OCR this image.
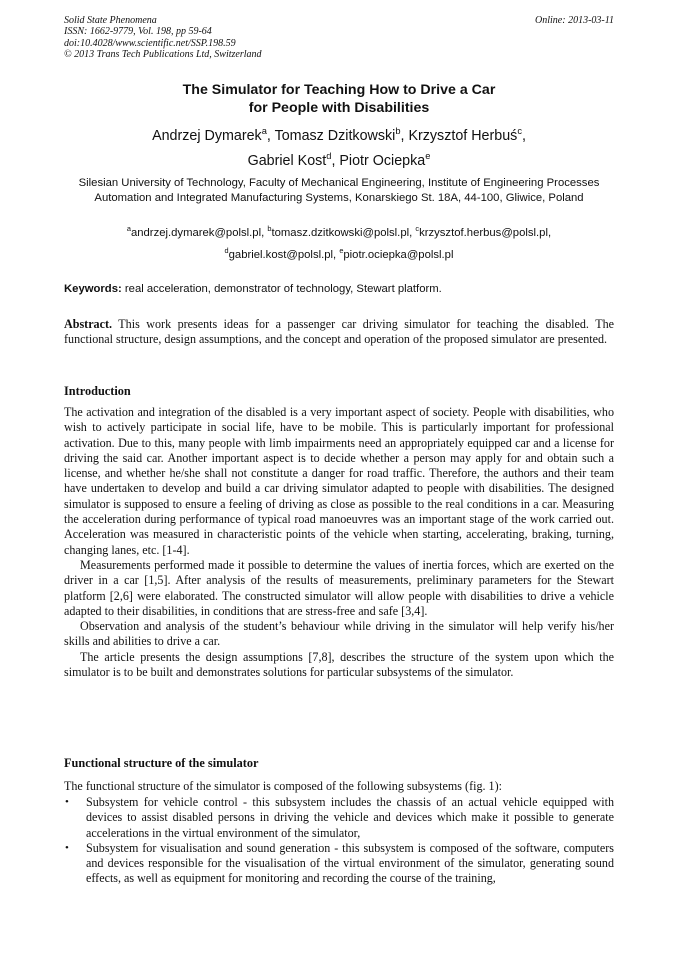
Solid State Phenomena
ISSN: 1662-9779, Vol. 198, pp 59-64
doi:10.4028/www.scientific.net/SSP.198.59
© 2013 Trans Tech Publications Ltd, Switzerland
Online: 2013-03-11
The Simulator for Teaching How to Drive a Car
for People with Disabilities
Andrzej Dymarek$^a$, Tomasz Dzitkowski$^b$, Krzysztof Herbuś$^c$,
Gabriel Kost$^d$, Piotr Ociepka$^e$
Silesian University of Technology, Faculty of Mechanical Engineering, Institute of Engineering Processes Automation and Integrated Manufacturing Systems, Konarskiego St. 18A, 44-100, Gliwice, Poland
$^a$andrzej.dymarek@polsl.pl, $^b$tomasz.dzitkowski@polsl.pl, $^c$krzysztof.herbus@polsl.pl,
$^d$gabriel.kost@polsl.pl, $^e$piotr.ociepka@polsl.pl
Keywords: real acceleration, demonstrator of technology, Stewart platform.
Abstract. This work presents ideas for a passenger car driving simulator for teaching the disabled. The functional structure, design assumptions, and the concept and operation of the proposed simulator are presented.
Introduction

The activation and integration of the disabled is a very important aspect of society. People with disabilities, who wish to actively participate in social life, have to be mobile. This is particularly important for professional activation. Due to this, many people with limb impairments need an appropriately equipped car and a license for driving the said car. Another important aspect is to decide whether a person may apply for and obtain such a license, and whether he/she shall not constitute a danger for road traffic. Therefore, the authors and their team have undertaken to develop and build a car driving simulator adapted to people with disabilities. The designed simulator is supposed to ensure a feeling of driving as close as possible to the real conditions in a car. Measuring the acceleration during performance of typical road manoeuvres was an important stage of the work carried out. Acceleration was measured in characteristic points of the vehicle when starting, accelerating, braking, turning, changing lanes, etc. [1-4].

Measurements performed made it possible to determine the values of inertia forces, which are exerted on the driver in a car [1,5]. After analysis of the results of measurements, preliminary parameters for the Stewart platform [2,6] were elaborated. The constructed simulator will allow people with disabilities to drive a vehicle adapted to their disabilities, in conditions that are stress-free and safe [3,4].

Observation and analysis of the student’s behaviour while driving in the simulator will help verify his/her skills and abilities to drive a car.

The article presents the design assumptions [7,8], describes the structure of the system upon which the simulator is to be built and demonstrates solutions for particular subsystems of the simulator.

Functional structure of the simulator
The functional structure of the simulator is composed of the following subsystems (fig. 1):
• Subsystem for vehicle control - this subsystem includes the chassis of an actual vehicle equipped with devices to assist disabled persons in driving the vehicle and devices which make it possible to generate accelerations in the virtual environment of the simulator,
• Subsystem for visualisation and sound generation - this subsystem is composed of the software, computers and devices responsible for the visualisation of the virtual environment of the simulator, generating sound effects, as well as equipment for monitoring and recording the course of the training,
